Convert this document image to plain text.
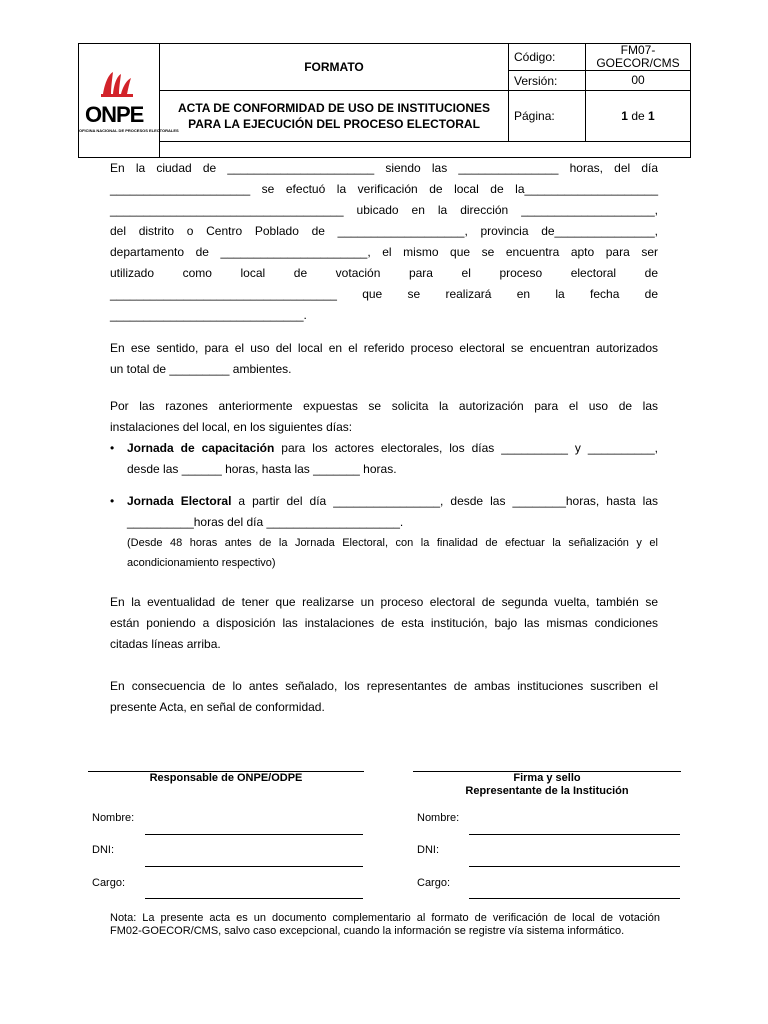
ONPE
OFICINA NACIONAL DE PROCESOS ELECTORALES	FORMATO	Código:	FM07-GOECOR/CMS
		Versión:	00
	ACTA DE CONFORMIDAD DE USO DE INSTITUCIONES PARA LA EJECUCIÓN DEL PROCESO ELECTORAL	Página:	1 de 1

En la ciudad de ______________________ siendo las _______________ horas, del día
_____________________ se efectuó la verificación de local de la____________________
___________________________________ ubicado en la dirección ____________________,
del distrito o Centro Poblado de ___________________, provincia de_______________,
departamento de ______________________, el mismo que se encuentra apto para ser
utilizado como local de votación para el proceso electoral de
__________________________________ que se realizará en la fecha de
_____________________________.
En ese sentido, para el uso del local en el referido proceso electoral se encuentran autorizados
un total de _________ ambientes.
Por las razones anteriormente expuestas se solicita la autorización para el uso de las
instalaciones del local, en los siguientes días:
• Jornada de capacitación para los actores electorales, los días __________ y __________,
desde las ______ horas, hasta las _______ horas.
• Jornada Electoral a partir del día ________________, desde las ________horas, hasta las
__________horas del día ____________________.
(Desde 48 horas antes de la Jornada Electoral, con la finalidad de efectuar la señalización y el
acondicionamiento respectivo)
En la eventualidad de tener que realizarse un proceso electoral de segunda vuelta, también se
están poniendo a disposición las instalaciones de esta institución, bajo las mismas condiciones
citadas líneas arriba.
En consecuencia de lo antes señalado, los representantes de ambas instituciones suscriben el
presente Acta, en señal de conformidad.
Responsable de ONPE/ODPE	Firma y sello
Representante de la Institución
Nombre:
DNI:
Cargo:
Nombre:
DNI:
Cargo:
Nota: La presente acta es un documento complementario al formato de verificación de local de votación
FM02-GOECOR/CMS, salvo caso excepcional, cuando la información se registre vía sistema informático.
